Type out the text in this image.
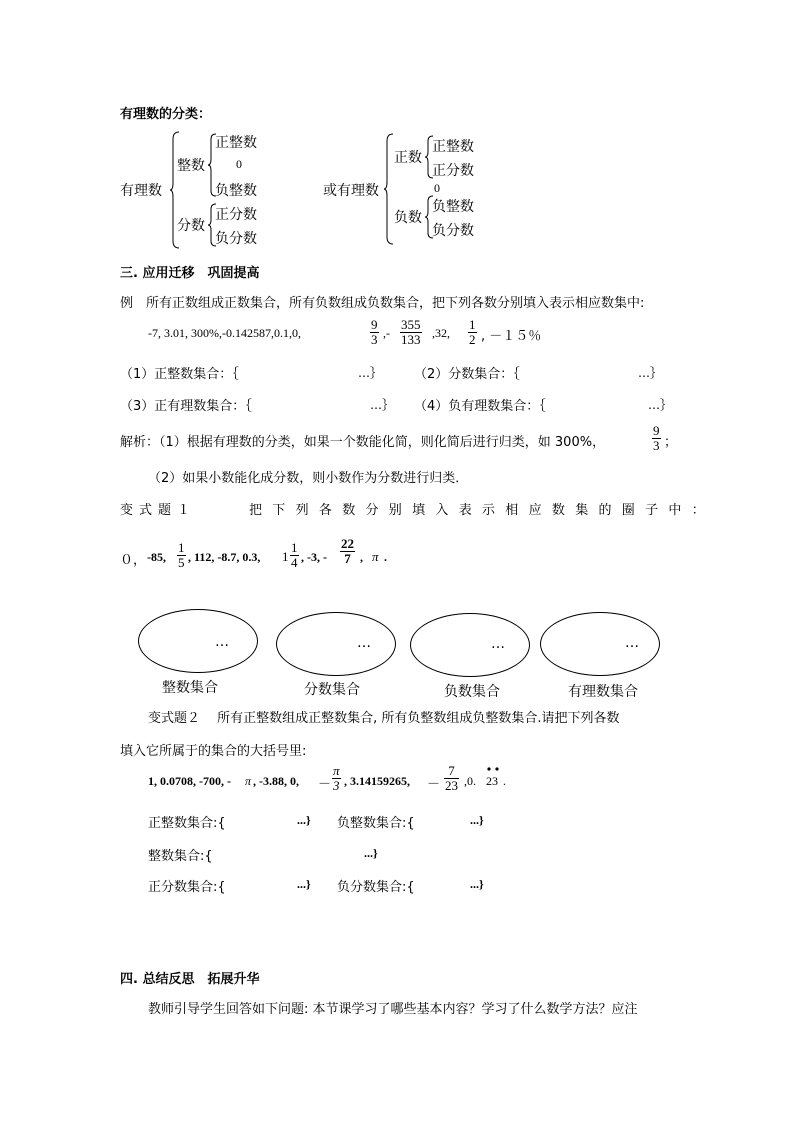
有理数的分类：
有理数
整数
正整数
0
负整数
分数
正分数
负分数
或有理数
正数
正整数
正分数
0
负数
负整数
负分数
三. 应用迁移　巩固提高
例　所有正数组成正数集合，所有负数组成负数集合，把下列各数分别填入表示相应数集中:
-7, 3.01, 300%,-0.142587,0.1,0,	$\frac{9}{3}$ ,- $\frac{355}{133} ,32$, $\frac{1}{2}$ , －１５％
（1）正整数集合：｛	…｝ （2）分数集合：｛	…｝
（3）正有理数集合：｛	…｝ （4）负有理数集合：｛	…｝
解析：（1）根据有理数的分类，如果一个数能化简，则化简后进行归类，如 300%，	$\frac{9}{3}$ ；
（2）如果小数能化成分数，则小数作为分数进行归类．
变式题１	把下列各数分别填入表示相应数集的圈子中：
０， -85, $\frac{1}{5}$ , 112, -8.7, 0.3, $1 \frac{1}{4}$ , -3, - $\frac{22}{7}$ , π .
…
整数集合
…
分数集合
…
负数集合
…
有理数集合
变式题２　 所有正整数组成正整数集合, 所有负整数组成负整数集合.请把下列各数
填入它所属于的集合的大括号里:
1, 0.0708, -700, - π , -3.88, 0, － $\frac{\pi}{3}$ , 3.14159265, － $\frac{7}{23} ,0$. 23 .
正整数集合:{	...} 负整数集合:{	...}
整数集合:{	...}
正分数集合:{	...} 负分数集合:{	...}
四. 总结反思　拓展升华
教师引导学生回答如下问题: 本节课学习了哪些基本内容？学习了什么数学方法？应注
